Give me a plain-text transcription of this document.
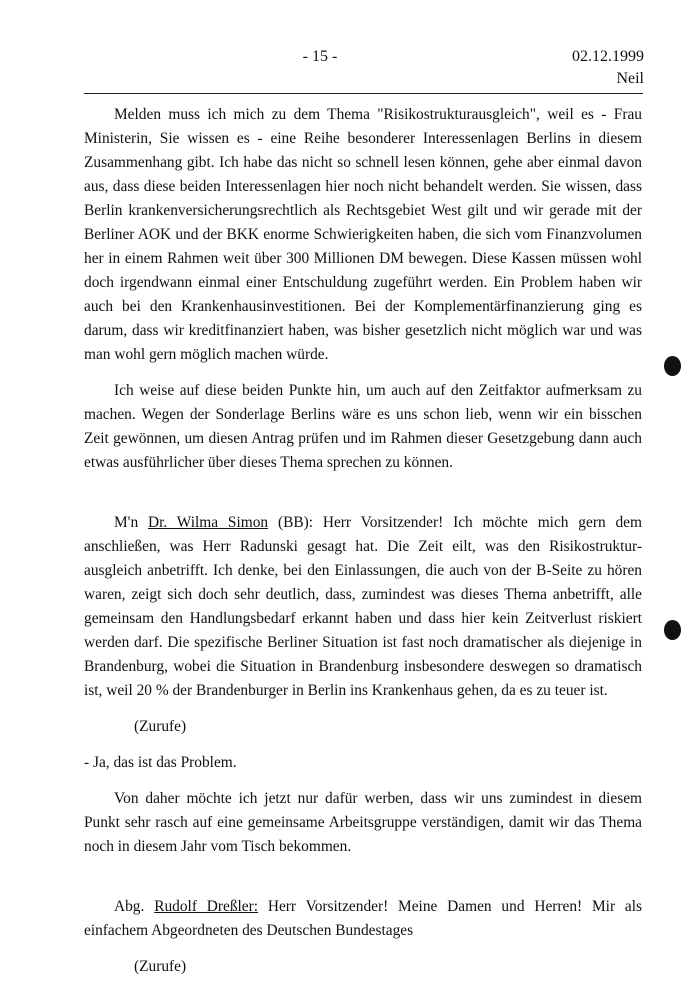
- 15 -	02.12.1999
Neil

Melden muss ich mich zu dem Thema "Risikostrukturausgleich", weil es - Frau Ministerin, Sie wissen es - eine Reihe besonderer Interessenlagen Berlins in diesem Zusammenhang gibt. Ich habe das nicht so schnell lesen können, gehe aber einmal davon aus, dass diese beiden Interessenlagen hier noch nicht behandelt werden. Sie wissen, dass Berlin krankenversicherungsrechtlich als Rechtsgebiet West gilt und wir gerade mit der Berliner AOK und der BKK enorme Schwierigkeiten haben, die sich vom Finanzvolumen her in einem Rahmen weit über 300 Millionen DM bewegen. Diese Kassen müssen wohl doch irgendwann einmal einer Entschuldung zugeführt werden. Ein Problem haben wir auch bei den Krankenhausinvestitionen. Bei der Komplementärfinanzierung ging es darum, dass wir kreditfinanziert haben, was bisher gesetzlich nicht möglich war und was man wohl gern möglich machen würde.

Ich weise auf diese beiden Punkte hin, um auch auf den Zeitfaktor aufmerksam zu machen. Wegen der Sonderlage Berlins wäre es uns schon lieb, wenn wir ein bisschen Zeit gewönnen, um diesen Antrag prüfen und im Rahmen dieser Gesetzgebung dann auch etwas ausführlicher über dieses Thema sprechen zu können.

M'n Dr. Wilma Simon (BB): Herr Vorsitzender! Ich möchte mich gern dem anschließen, was Herr Radunski gesagt hat. Die Zeit eilt, was den Risikostruktur-ausgleich anbetrifft. Ich denke, bei den Einlassungen, die auch von der B-Seite zu hören waren, zeigt sich doch sehr deutlich, dass, zumindest was dieses Thema anbetrifft, alle gemeinsam den Handlungsbedarf erkannt haben und dass hier kein Zeitverlust riskiert werden darf. Die spezifische Berliner Situation ist fast noch dramatischer als diejenige in Brandenburg, wobei die Situation in Brandenburg insbesondere deswegen so dramatisch ist, weil 20 % der Brandenburger in Berlin ins Krankenhaus gehen, da es zu teuer ist.

(Zurufe)

- Ja, das ist das Problem.

Von daher möchte ich jetzt nur dafür werben, dass wir uns zumindest in diesem Punkt sehr rasch auf eine gemeinsame Arbeitsgruppe verständigen, damit wir das Thema noch in diesem Jahr vom Tisch bekommen.

Abg. Rudolf Dreßler: Herr Vorsitzender! Meine Damen und Herren! Mir als einfachem Abgeordneten des Deutschen Bundestages

(Zurufe)
